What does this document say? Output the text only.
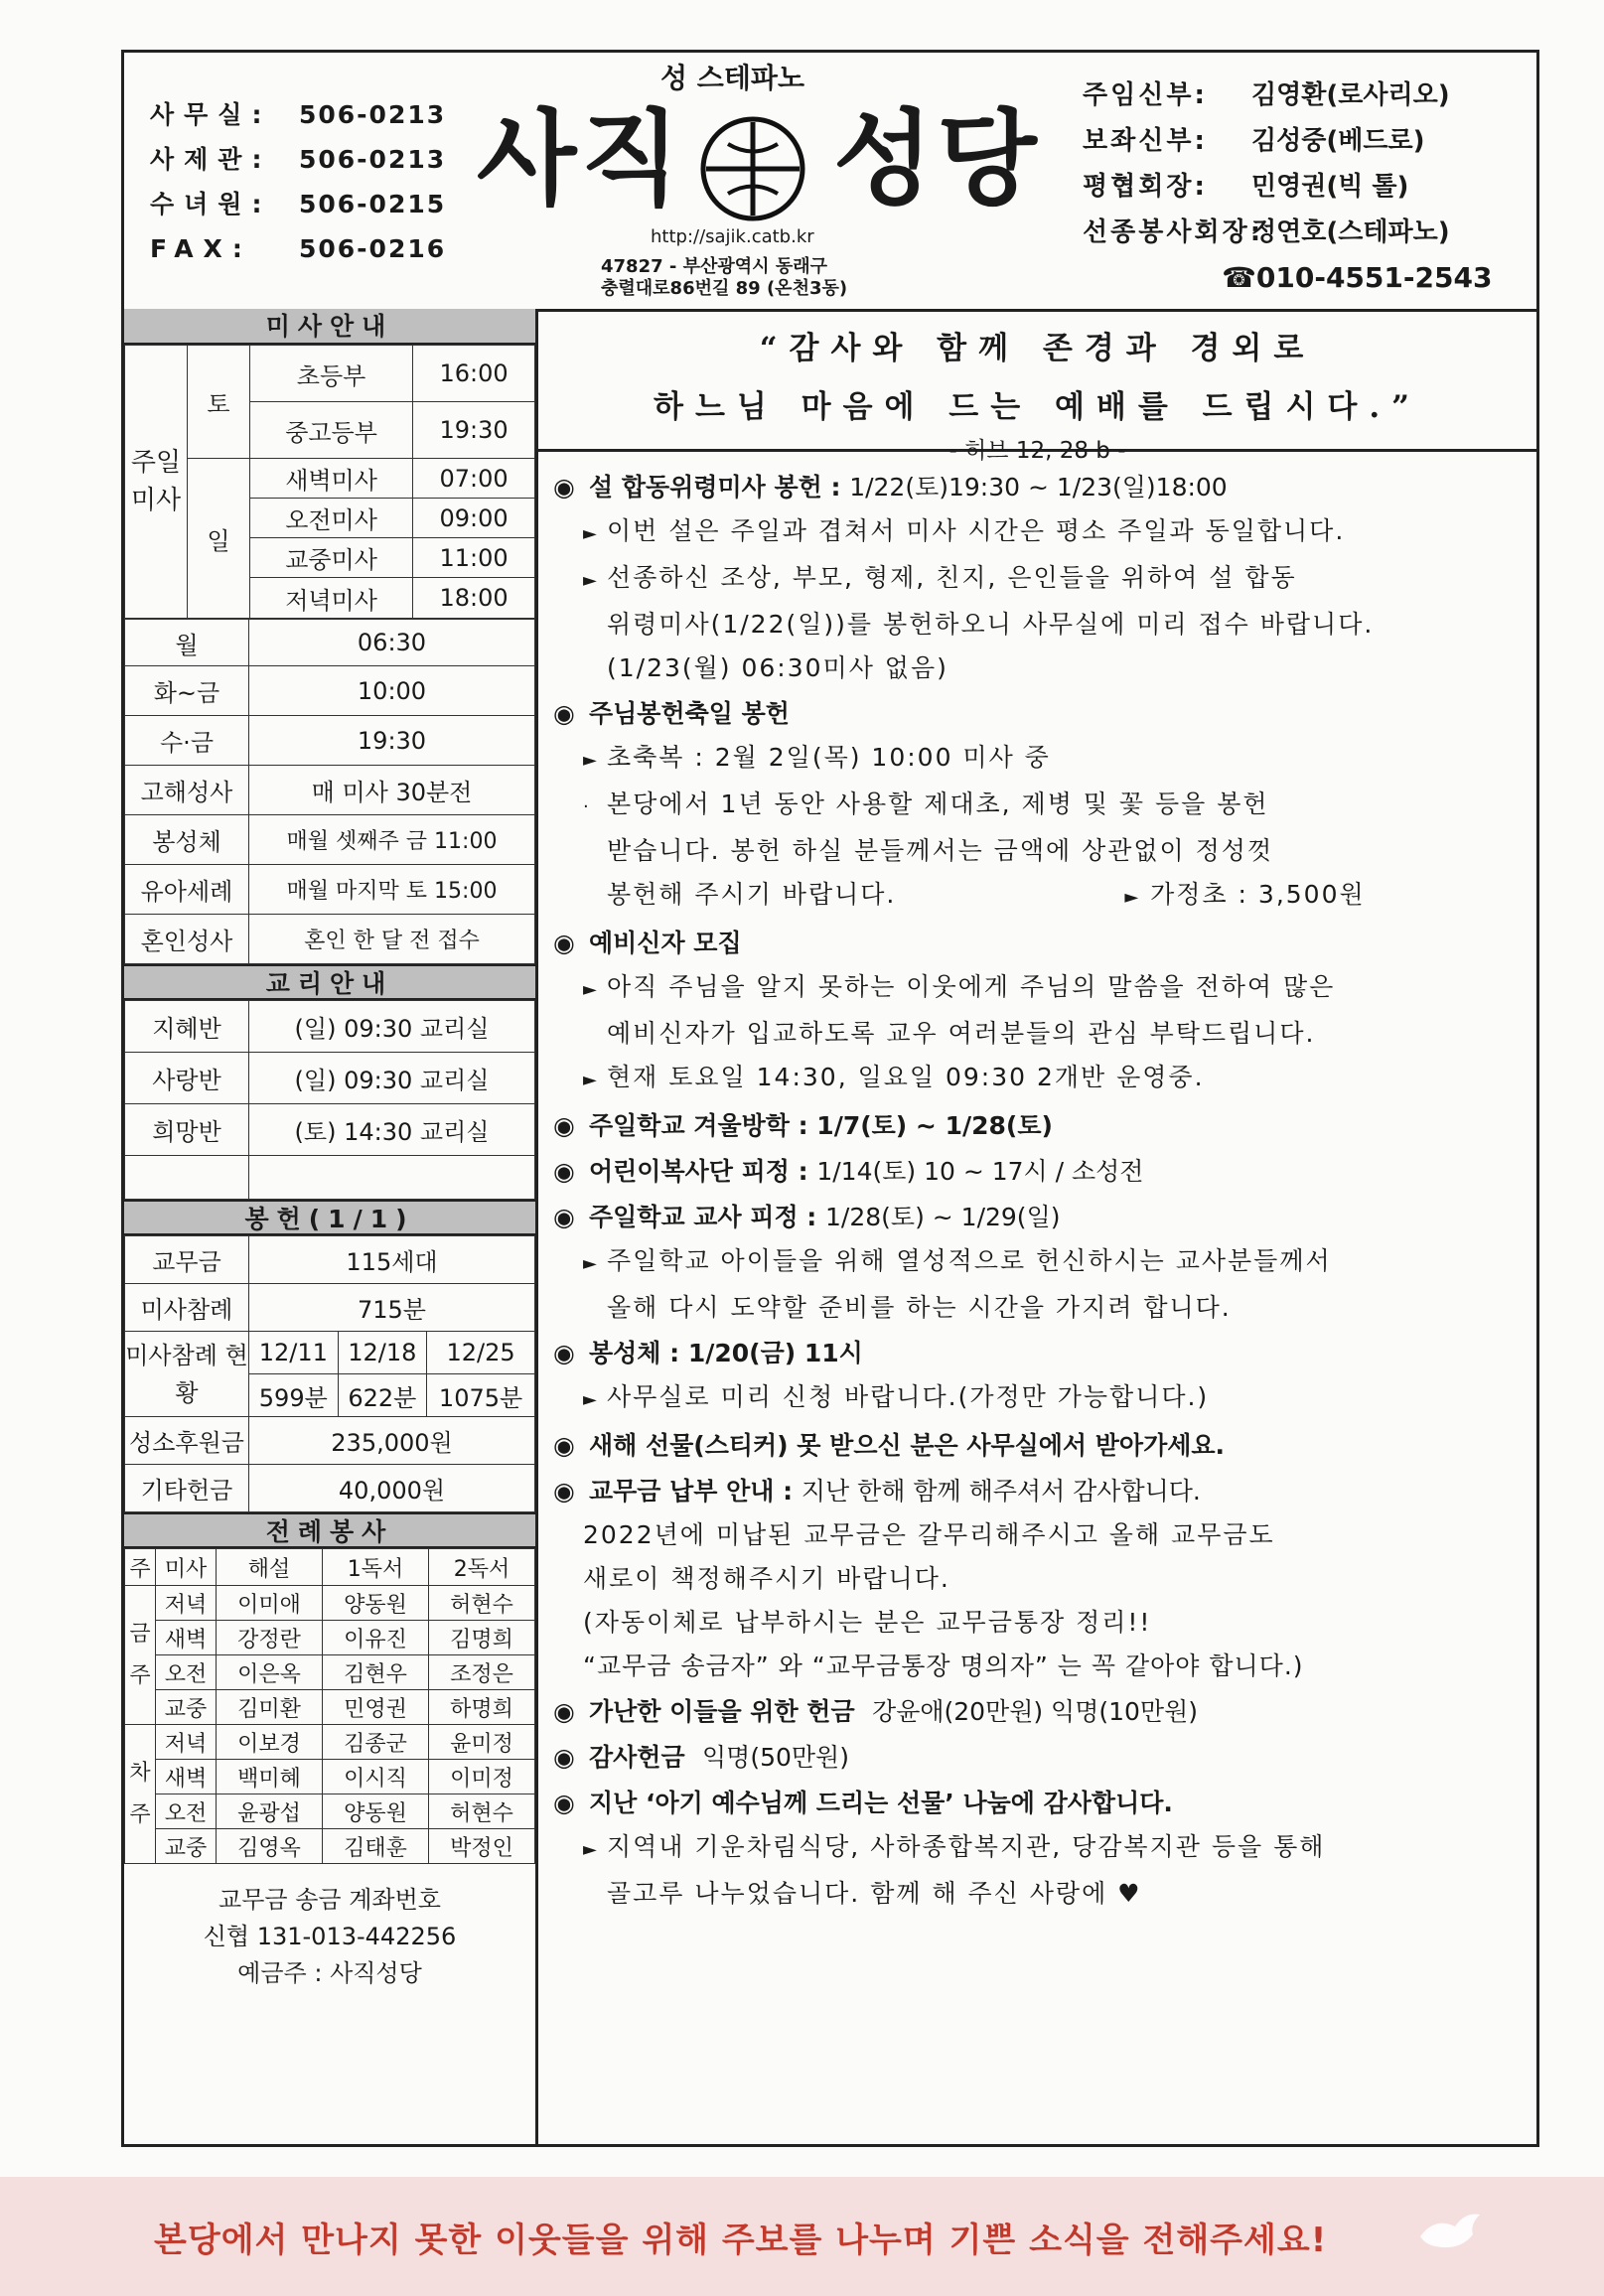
사무실: 506-0213
사제관: 506-0213
수녀원: 506-0215
FAX: 506-0216
성 스테파노
사직 성당
http://sajik.catb.kr
47827 - 부산광역시 동래구
충렬대로86번길 89 (온천3동)
주임신부: 김영환(로사리오)
보좌신부: 김성중(베드로)
평협회장: 민영권(빅 톨)
선종봉사회장:정연호(스테파노)
☎010-4551-2543
미사안내
주일미사	토	초등부	16:00
		중고등부	19:30
	일	새벽미사	07:00
		오전미사	09:00
		교중미사	11:00
		저녁미사	18:00
월	06:30
화~금	10:00
수·금	19:30
고해성사	매 미사 30분전
봉성체	매월 셋째주 금 11:00
유아세례	매월 마지막 토 15:00
혼인성사	혼인 한 달 전 접수
교리안내
지혜반	(일) 09:30 교리실
사랑반	(일) 09:30 교리실
희망반	(토) 14:30 교리실

봉헌(1/1)
교무금	115세대		
미사참례	715분		
미사참례 현황	12/11	12/18	12/25
	599분	622분	1075분
성소후원금	235,000원		
기타헌금	40,000원		
전례봉사
주	미사	해설	1독서	2독서
금주	저녁	이미애	양동원	허현수
	새벽	강정란	이유진	김명희
	오전	이은옥	김현우	조정은
	교중	김미환	민영권	하명희
차주	저녁	이보경	김종군	윤미정
	새벽	백미혜	이시직	이미정
	오전	윤광섭	양동원	허현수
	교중	김영옥	김태훈	박정인
교무금 송금 계좌번호
신협 131-013-442256
예금주 : 사직성당
“감사와 함께 존경과 경외로
하느님 마음에 드는 예배를 드립시다.”
- 히브 12, 28 b -
◉ 설 합동위령미사 봉헌 : 1/22(토)19:30 ~ 1/23(일)18:00
► 이번 설은 주일과 겹쳐서 미사 시간은 평소 주일과 동일합니다.
► 선종하신 조상, 부모, 형제, 친지, 은인들을 위하여 설 합동
위령미사(1/22(일))를 봉헌하오니 사무실에 미리 접수 바랍니다.
(1/23(월) 06:30미사 없음)
◉ 주님봉헌축일 봉헌
► 초축복 : 2월 2일(목) 10:00 미사 중
· 본당에서 1년 동안 사용할 제대초, 제병 및 꽃 등을 봉헌
받습니다. 봉헌 하실 분들께서는 금액에 상관없이 정성껏
봉헌해 주시기 바랍니다.	► 가정초 : 3,500원
◉ 예비신자 모집
► 아직 주님을 알지 못하는 이웃에게 주님의 말씀을 전하여 많은
예비신자가 입교하도록 교우 여러분들의 관심 부탁드립니다.
► 현재 토요일 14:30, 일요일 09:30 2개반 운영중.
◉ 주일학교 겨울방학 : 1/7(토) ~ 1/28(토)
◉ 어린이복사단 피정 : 1/14(토) 10 ~ 17시 / 소성전
◉ 주일학교 교사 피정 : 1/28(토) ~ 1/29(일)
► 주일학교 아이들을 위해 열성적으로 헌신하시는 교사분들께서
올해 다시 도약할 준비를 하는 시간을 가지려 합니다.
◉ 봉성체 : 1/20(금) 11시
► 사무실로 미리 신청 바랍니다.(가정만 가능합니다.)
◉ 새해 선물(스티커) 못 받으신 분은 사무실에서 받아가세요.
◉ 교무금 납부 안내 : 지난 한해 함께 해주셔서 감사합니다.
2022년에 미납된 교무금은 갈무리해주시고 올해 교무금도
새로이 책정해주시기 바랍니다.
(자동이체로 납부하시는 분은 교무금통장 정리!!
“교무금 송금자” 와 “교무금통장 명의자” 는 꼭 같아야 합니다.)
◉ 가난한 이들을 위한 헌금 강윤애(20만원) 익명(10만원)
◉ 감사헌금 익명(50만원)
◉ 지난 ‘아기 예수님께 드리는 선물’ 나눔에 감사합니다.
► 지역내 기운차림식당, 사하종합복지관, 당감복지관 등을 통해
골고루 나누었습니다. 함께 해 주신 사랑에 ♥
본당에서 만나지 못한 이웃들을 위해 주보를 나누며 기쁜 소식을 전해주세요!
